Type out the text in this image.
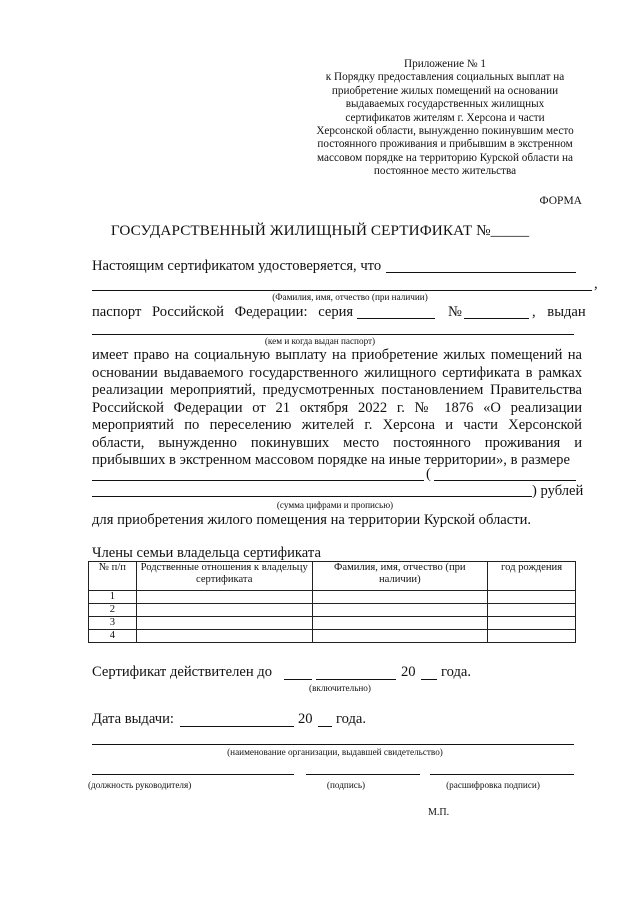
Приложение № 1
к Порядку предоставления социальных выплат на
приобретение жилых помещений на основании
выдаваемых государственных жилищных
сертификатов жителям г. Херсона и части
Херсонской области, вынужденно покинувшим место
постоянного проживания и прибывшим в экстренном
массовом порядке на территорию Курской области на
постоянное место жительства
ФОРМА
ГОСУДАРСТВЕННЫЙ ЖИЛИЩНЫЙ СЕРТИФИКАТ №_____
Настоящим сертификатом удостоверяется, что
,
(Фамилия, имя, отчество (при наличии)
паспорт Российской Федерации: серия	№	, выдан
(кем и когда выдан паспорт)
имеет право на социальную выплату на приобретение жилых помещений на основании выдаваемого государственного жилищного сертификата в рамках реализации мероприятий, предусмотренных постановлением Правительства Российской Федерации от 21 октября 2022 г. № 1876 «О реализации мероприятий по переселению жителей г. Херсона и части Херсонской области, вынужденно покинувших место постоянного проживания и прибывших в экстренном массовом порядке на иные территории», в размере
(
) рублей
(сумма цифрами и прописью)
для приобретения жилого помещения на территории Курской области.
Члены семьи владельца сертификата
№ п/п	Родственные отношения к владельцу сертификата	Фамилия, имя, отчество (при наличии)	год рождения
1			
2			
3			
4			
Сертификат действителен до	20 года.
(включительно)
Дата выдачи:	20 года.
(наименование организации, выдавшей свидетельство)
(должность руководителя)	(подпись)	(расшифровка подписи)
М.П.
